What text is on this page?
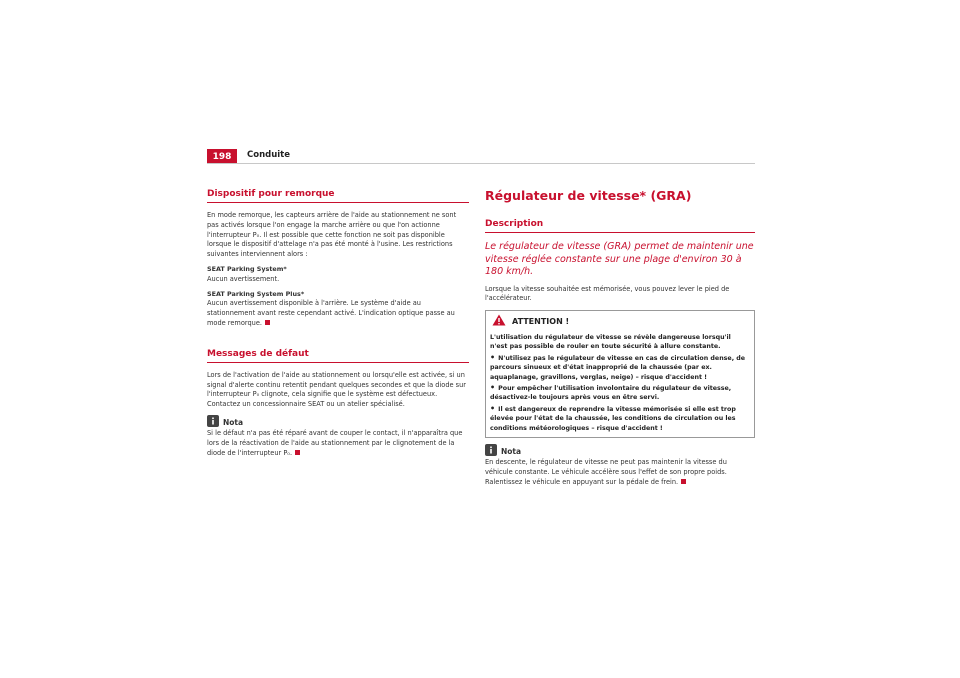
198	Conduite
Dispositif pour remorque

En mode remorque, les capteurs arrière de l'aide au stationnement ne sont pas activés lorsque l'on engage la marche arrière ou que l'on actionne l'interrupteur P₀. Il est possible que cette fonction ne soit pas disponible lorsque le dispositif d'attelage n'a pas été monté à l'usine. Les restrictions suivantes interviennent alors :

SEAT Parking System*

Aucun avertissement.

SEAT Parking System Plus*

Aucun avertissement disponible à l'arrière. Le système d'aide au stationnement avant reste cependant activé. L'indication optique passe au mode remorque.

Messages de défaut

Lors de l'activation de l'aide au stationnement ou lorsqu'elle est activée, si un signal d'alerte continu retentit pendant quelques secondes et que la diode sur l'interrupteur P₀ clignote, cela signifie que le système est défectueux. Contactez un concessionnaire SEAT ou un atelier spécialisé.

Nota

Si le défaut n'a pas été réparé avant de couper le contact, il n'apparaîtra que lors de la réactivation de l'aide au stationnement par le clignotement de la diode de l'interrupteur P₀.

Régulateur de vitesse* (GRA)
Description

Le régulateur de vitesse (GRA) permet de maintenir une vitesse réglée constante sur une plage d'environ 30 à 180 km/h.

Lorsque la vitesse souhaitée est mémorisée, vous pouvez lever le pied de l'accélérateur.

ATTENTION !

L'utilisation du régulateur de vitesse se révèle dangereuse lorsqu'il n'est pas possible de rouler en toute sécurité à allure constante.

• N'utilisez pas le régulateur de vitesse en cas de circulation dense, de parcours sinueux et d'état inapproprié de la chaussée (par ex. aquaplanage, gravillons, verglas, neige) – risque d'accident !

• Pour empêcher l'utilisation involontaire du régulateur de vitesse, désactivez-le toujours après vous en être servi.

• Il est dangereux de reprendre la vitesse mémorisée si elle est trop élevée pour l'état de la chaussée, les conditions de circulation ou les conditions météorologiques – risque d'accident !

Nota

En descente, le régulateur de vitesse ne peut pas maintenir la vitesse du véhicule constante. Le véhicule accélère sous l'effet de son propre poids. Ralentissez le véhicule en appuyant sur la pédale de frein.
